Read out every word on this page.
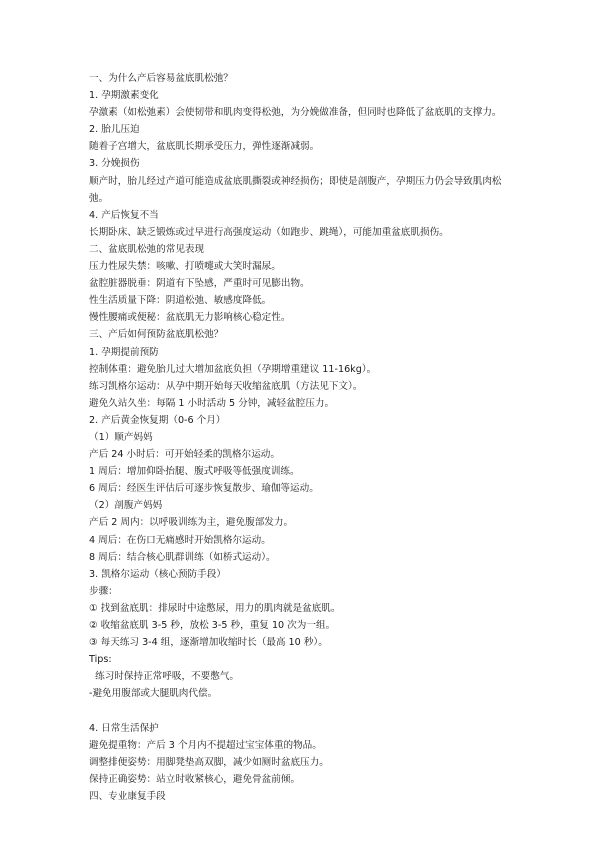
一、为什么产后容易盆底肌松弛？
1. 孕期激素变化
孕激素（如松弛素）会使韧带和肌肉变得松弛，为分娩做准备，但同时也降低了盆底肌的支撑力。
2. 胎儿压迫
随着子宫增大，盆底肌长期承受压力，弹性逐渐减弱。
3. 分娩损伤
顺产时，胎儿经过产道可能造成盆底肌撕裂或神经损伤；即使是剖腹产，孕期压力仍会导致肌肉松弛。
4. 产后恢复不当
长期卧床、缺乏锻炼或过早进行高强度运动（如跑步、跳绳），可能加重盆底肌损伤。
二、盆底肌松弛的常见表现
压力性尿失禁：咳嗽、打喷嚏或大笑时漏尿。
盆腔脏器脱垂：阴道有下坠感，严重时可见膨出物。
性生活质量下降：阴道松弛、敏感度降低。
慢性腰痛或便秘：盆底肌无力影响核心稳定性。
三、产后如何预防盆底肌松弛？
1. 孕期提前预防
控制体重：避免胎儿过大增加盆底负担（孕期增重建议 11-16kg）。
练习凯格尔运动：从孕中期开始每天收缩盆底肌（方法见下文）。
避免久站久坐：每隔 1 小时活动 5 分钟，减轻盆腔压力。
2. 产后黄金恢复期（0-6 个月）
（1）顺产妈妈
产后 24 小时后：可开始轻柔的凯格尔运动。
1 周后：增加仰卧抬腿、腹式呼吸等低强度训练。
6 周后：经医生评估后可逐步恢复散步、瑜伽等运动。
（2）剖腹产妈妈
产后 2 周内：以呼吸训练为主，避免腹部发力。
4 周后：在伤口无痛感时开始凯格尔运动。
8 周后：结合核心肌群训练（如桥式运动）。
3. 凯格尔运动（核心预防手段）
步骤：
① 找到盆底肌：排尿时中途憋尿，用力的肌肉就是盆底肌。
② 收缩盆底肌 3-5 秒，放松 3-5 秒，重复 10 次为一组。
③ 每天练习 3-4 组，逐渐增加收缩时长（最高 10 秒）。
Tips:
练习时保持正常呼吸，不要憋气。
-避免用腹部或大腿肌肉代偿。
4. 日常生活保护
避免提重物：产后 3 个月内不提超过宝宝体重的物品。
调整排便姿势：用脚凳垫高双脚，减少如厕时盆底压力。
保持正确姿势：站立时收紧核心，避免骨盆前倾。
四、专业康复手段
